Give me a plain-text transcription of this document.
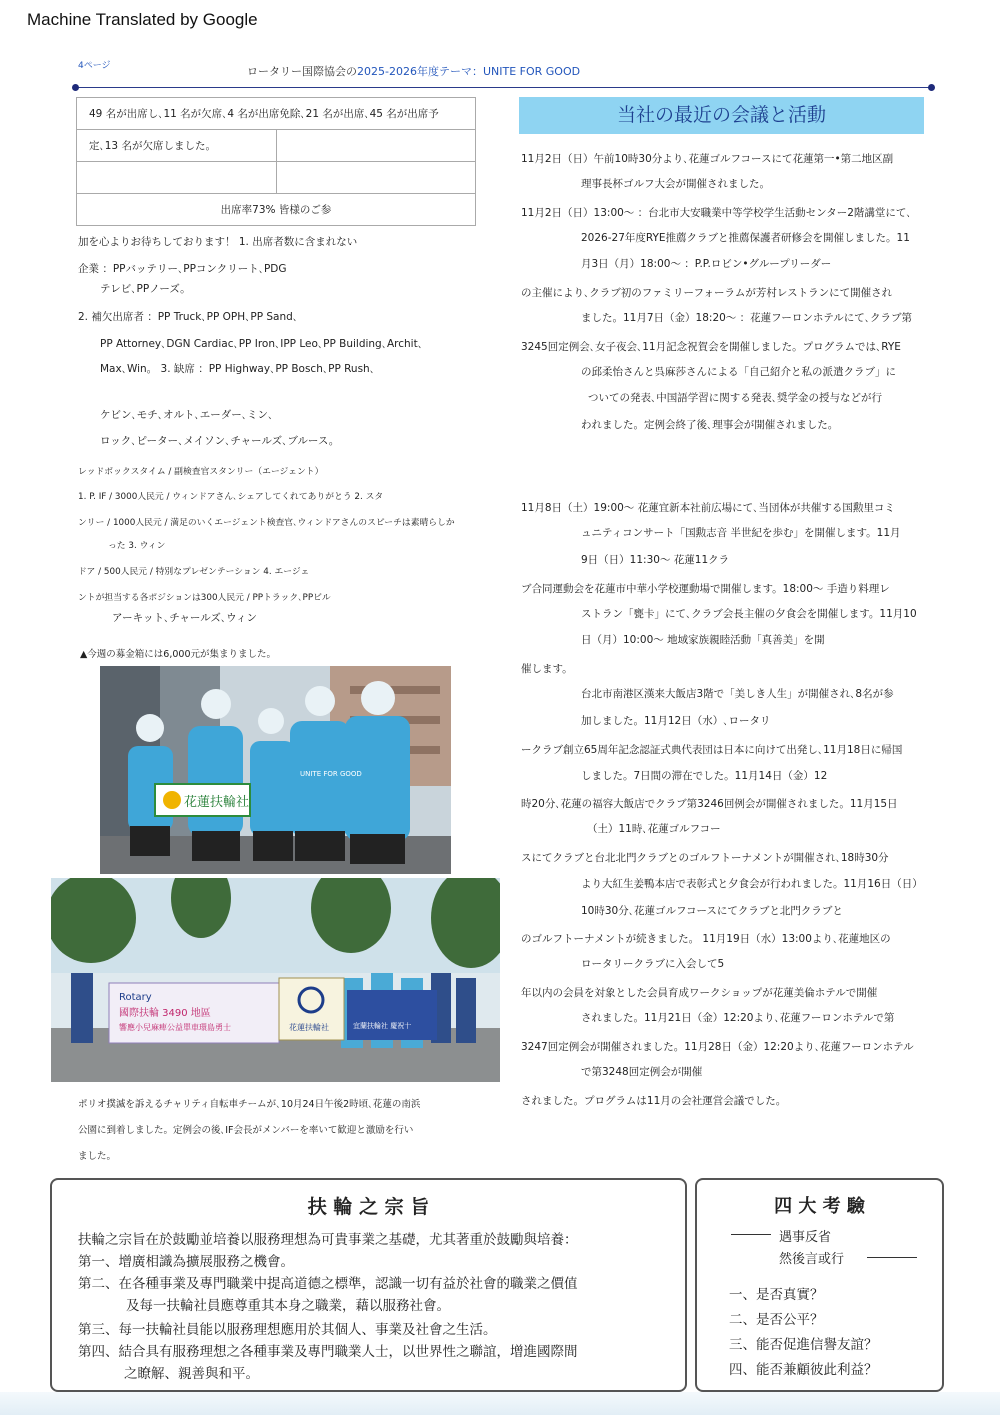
Machine Translated by Google
4ページ	ロータリー国際協会の2025-2026年度テーマ：UNITE FOR GOOD
49 名が出席し､11 名が欠席､4 名が出席免除､21 名が出席､45 名が出席予	
定､13 名が欠席しました。	

出席率73% 皆様のご参	
加を心よりお待ちしております！ 1. 出席者数に含まれない
企業 ：PPバッテリー､PPコンクリート､PDG
テレビ､PPノーズ。
2. 補欠出席者 ：PP Truck､PP OPH､PP Sand､
PP Attorney､DGN Cardiac､PP Iron､IPP Leo､PP Building､Archit､
Max､Win。 3. 缺席 ：PP Highway､PP Bosch､PP Rush､
ケビン､モチ､オルト､エーダー､ミン､
ロック､ピーター､メイソン､チャールズ､ブルース。
レッドボックスタイム / 副検査官スタンリー（エージェント）
1. P. IF / 3000人民元 / ウィンドアさん､シェアしてくれてありがとう 2. スタ
ンリー / 1000人民元 / 満足のいくエージェント検査官､ウィンドアさんのスピーチは素晴らしか
った 3. ウィン
ドア / 500人民元 / 特別なプレゼンテーション 4. エージェ
ントが担当する各ポジションは300人民元 / PPトラック､PPビル
アーキット､チャールズ､ウィン
▲今週の募金箱には6,000元が集まりました。
花蓮扶輪社
UNITE FOR GOOD
Rotary
國際扶輪 3490 地區
響應小兒麻痺公益單車環島勇士	花蓮扶輪社	宜蘭扶輪社 慶祝十
ポリオ撲滅を訴えるチャリティ自転車チームが､10月24日午後2時頃､花蓮の南浜
公園に到着しました。定例会の後､IF会長がメンバーを率いて歓迎と激励を行い
ました。
当社の最近の会議と活動
11月2日（日）午前10時30分より､花蓮ゴルフコースにて花蓮第一•第二地区副
理事長杯ゴルフ大会が開催されました。
11月2日（日）13:00～ ：台北市大安職業中等学校学生活動センター2階講堂にて､
2026-27年度RYE推薦クラブと推薦保護者研修会を開催しました。11
月3日（月）18:00～ ：P.P.ロビン•グループリーダー
の主催により､クラブ初のファミリーフォーラムが芳村レストランにて開催され
ました。11月7日（金）18:20～ ：花蓮フーロンホテルにて､クラブ第
3245回定例会､女子夜会､11月記念祝賀会を開催しました。プログラムでは､RYE
の邱柔怡さんと呉麻莎さんによる「自己紹介と私の派遣クラブ」に
ついての発表､中国語学習に関する発表､奨学金の授与などが行
われました。定例会終了後､理事会が開催されました。
11月8日（土）19:00～ 花蓮宜新本社前広場にて､当団体が共催する国勲里コミ
ュニティコンサート「国勲志音 半世紀を歩む」を開催します。11月
9日（日）11:30～ 花蓮11クラ
ブ合同運動会を花蓮市中華小学校運動場で開催します。18:00～ 手造り料理レ
ストラン「甕卡」にて､クラブ会長主催の夕食会を開催します。11月10
日（月）10:00～ 地域家族親睦活動「真善美」を開
催します。
台北市南港区漢来大飯店3階で「美しき人生」が開催され､8名が参
加しました。11月12日（水）､ロータリ
ークラブ創立65周年記念認証式典代表団は日本に向けて出発し､11月18日に帰国
しました。7日間の滞在でした。11月14日（金）12
時20分､花蓮の福容大飯店でクラブ第3246回例会が開催されました。11月15日
（土）11時､花蓮ゴルフコー
スにてクラブと台北北門クラブとのゴルフトーナメントが開催され､18時30分
より大紅生姜鴨本店で表彰式と夕食会が行われました。11月16日（日）
10時30分､花蓮ゴルフコースにてクラブと北門クラブと
のゴルフトーナメントが続きました。 11月19日（水）13:00より､花蓮地区の
ロータリークラブに入会して5
年以内の会員を対象とした会員育成ワークショップが花蓮美倫ホテルで開催
されました。11月21日（金）12:20より､花蓮フーロンホテルで第
3247回定例会が開催されました。11月28日（金）12:20より､花蓮フーロンホテル
で第3248回定例会が開催
されました。プログラムは11月の会社運営会議でした。
扶 輪 之 宗 旨
扶輪之宗旨在於鼓勵並培養以服務理想為可貴事業之基礎，尤其著重於鼓勵與培養：
第一、增廣相識為擴展服務之機會。
第二、在各種事業及專門職業中提高道德之標準，認識一切有益於社會的職業之價值
及每一扶輪社員應尊重其本身之職業，藉以服務社會。
第三、每一扶輪社員能以服務理想應用於其個人、事業及社會之生活。
第四、結合具有服務理想之各種事業及專門職業人士，以世界性之聯誼，增進國際間
之瞭解、親善與和平。
四 大 考 驗
遇事反省
然後言或行
一、是否真實？
二、是否公平？
三、能否促進信譽友誼？
四、能否兼顧彼此利益？
